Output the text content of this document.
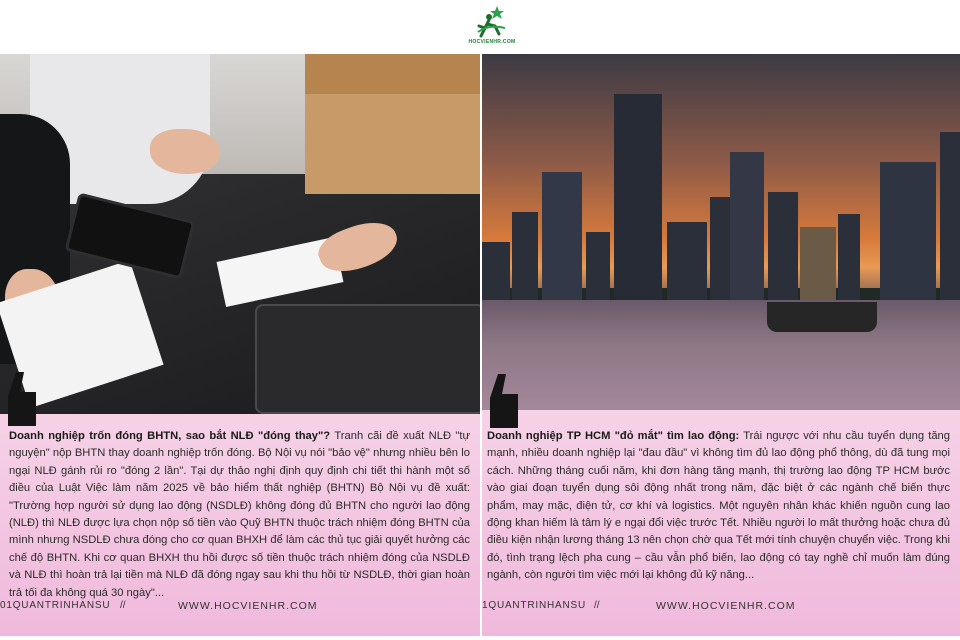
HOCVIENHR.COM
Doanh nghiệp trốn đóng BHTN, sao bắt NLĐ "đóng thay"? Tranh cãi đề xuất NLĐ "tự nguyện" nộp BHTN thay doanh nghiệp trốn đóng. Bộ Nội vụ nói "bảo vệ" nhưng nhiều bên lo ngại NLĐ gánh rủi ro "đóng 2 lần". Tại dự thảo nghị định quy định chi tiết thi hành một số điều của Luật Việc làm năm 2025 về bảo hiểm thất nghiệp (BHTN) Bộ Nội vụ đề xuất: "Trường hợp người sử dụng lao động (NSDLĐ) không đóng đủ BHTN cho người lao động (NLĐ) thì NLĐ được lựa chọn nộp số tiền vào Quỹ BHTN thuộc trách nhiệm đóng BHTN của mình nhưng NSDLĐ chưa đóng cho cơ quan BHXH để làm các thủ tục giải quyết hưởng các chế độ BHTN. Khi cơ quan BHXH thu hồi được số tiền thuộc trách nhiệm đóng của NSDLĐ và NLĐ thì hoàn trả lại tiền mà NLĐ đã đóng ngay sau khi thu hồi từ NSDLĐ, thời gian hoàn trả tối đa không quá 30 ngày"...
01QUANTRINHANSU //	WWW.HOCVIENHR.COM
Doanh nghiệp TP HCM "đỏ mắt" tìm lao động: Trái ngược với nhu cầu tuyển dụng tăng mạnh, nhiều doanh nghiệp lại "đau đầu" vì không tìm đủ lao động phổ thông, dù đã tung mọi cách. Những tháng cuối năm, khi đơn hàng tăng mạnh, thị trường lao động TP HCM bước vào giai đoạn tuyển dụng sôi động nhất trong năm, đặc biệt ở các ngành chế biến thực phẩm, may mặc, điện tử, cơ khí và logistics. Một nguyên nhân khác khiến nguồn cung lao động khan hiếm là tâm lý e ngại đổi việc trước Tết. Nhiều người lo mất thưởng hoặc chưa đủ điều kiện nhận lương tháng 13 nên chọn chờ qua Tết mới tính chuyện chuyển việc. Trong khi đó, tình trạng lệch pha cung – cầu vẫn phổ biến, lao động có tay nghề chỉ muốn làm đúng ngành, còn người tìm việc mới lại không đủ kỹ năng...
1QUANTRINHANSU //	WWW.HOCVIENHR.COM
